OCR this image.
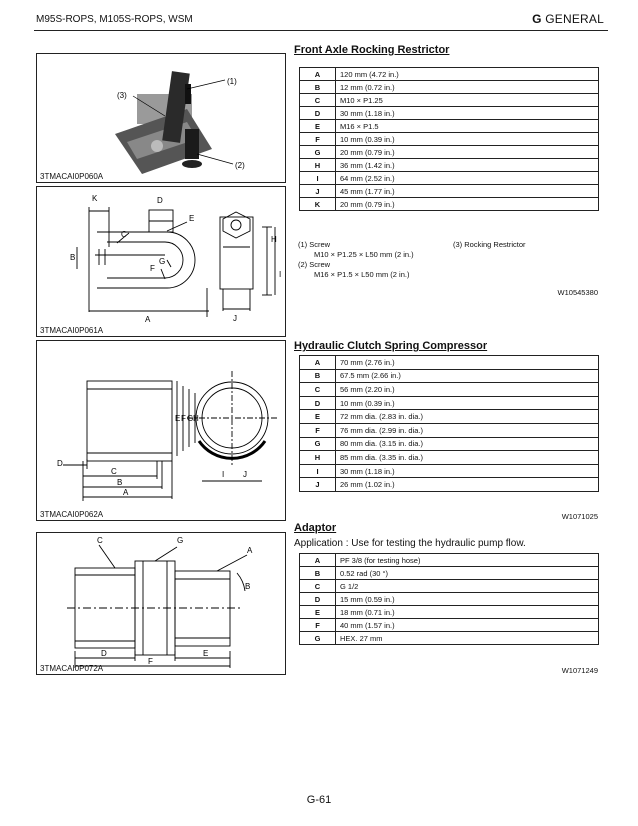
M95S-ROPS, M105S-ROPS, WSM	G GENERAL
(1)
(3)
(2)
3TMACAI0P060A
K	D
E
C
B
F
G
A	J
H
I
3TMACAI0P061A
E F G H
D
C
B
A
I J
3TMACAI0P062A
C	G
A
B
D	E
F
3TMACAI0P072A
Front Axle Rocking Restrictor
A	120 mm (4.72 in.)
B	12 mm (0.72 in.)
C	M10 × P1.25
D	30 mm (1.18 in.)
E	M16 × P1.5
F	10 mm (0.39 in.)
G	20 mm (0.79 in.)
H	36 mm (1.42 in.)
I	64 mm (2.52 in.)
J	45 mm (1.77 in.)
K	20 mm (0.79 in.)
(1) Screw
M10 × P1.25 × L50 mm (2 in.)
(2) Screw
M16 × P1.5 × L50 mm (2 in.)
(3) Rocking Restrictor
W10545380
Hydraulic Clutch Spring Compressor
A	70 mm (2.76 in.)
B	67.5 mm (2.66 in.)
C	56 mm (2.20 in.)
D	10 mm (0.39 in.)
E	72 mm dia. (2.83 in. dia.)
F	76 mm dia. (2.99 in. dia.)
G	80 mm dia. (3.15 in. dia.)
H	85 mm dia. (3.35 in. dia.)
I	30 mm (1.18 in.)
J	26 mm (1.02 in.)
W1071025
Adaptor
Application : Use for testing the hydraulic pump flow.
A	PF 3/8 (for testing hose)
B	0.52 rad (30 °)
C	G 1/2
D	15 mm (0.59 in.)
E	18 mm (0.71 in.)
F	40 mm (1.57 in.)
G	HEX. 27 mm
W1071249
G-61
